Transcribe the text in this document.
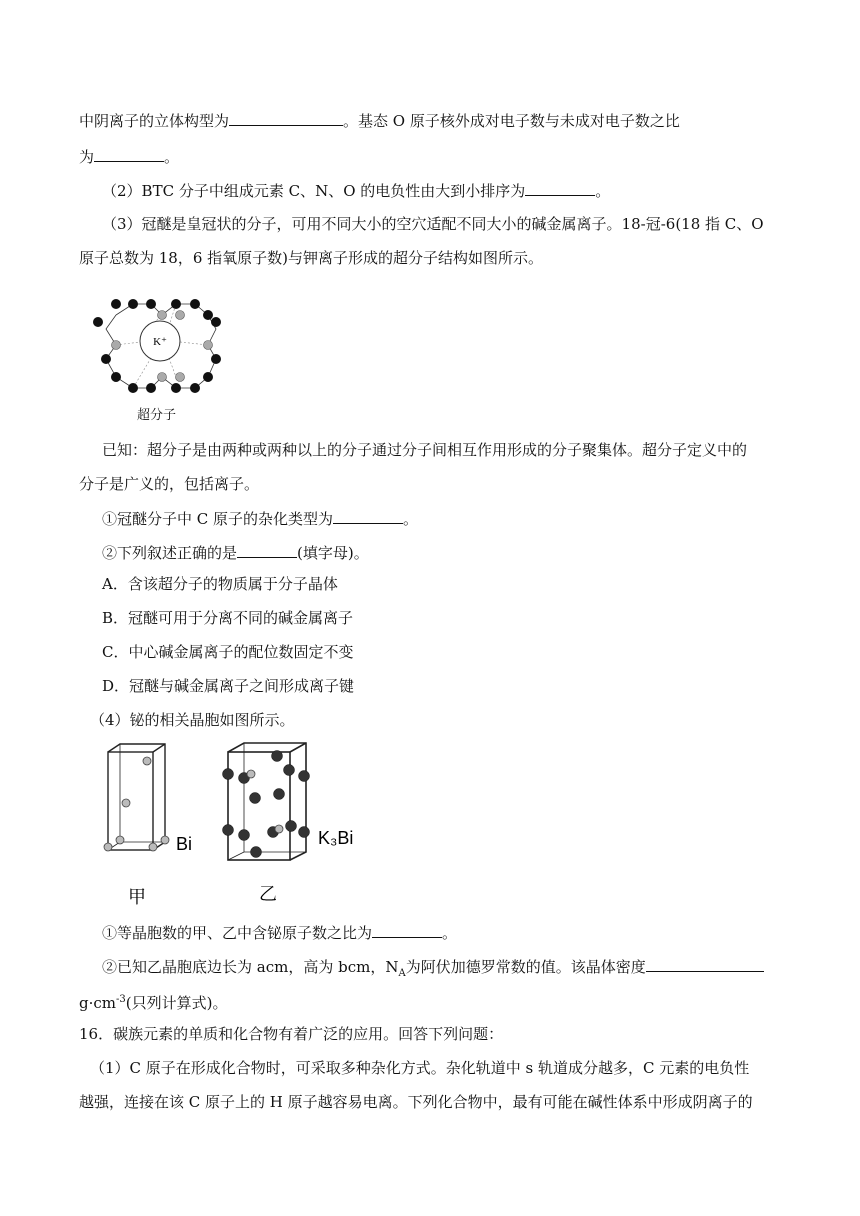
中阴离子的立体构型为	。基态 O 原子核外成对电子数与未成对电子数之比
为	。
（2）BTC 分子中组成元素 C、N、O 的电负性由大到小排序为	。
（3）冠醚是皇冠状的分子，可用不同大小的空穴适配不同大小的碱金属离子。18-冠-6(18 指 C、O
原子总数为 18，6 指氧原子数)与钾离子形成的超分子结构如图所示。
K⁺
超分子
已知：超分子是由两种或两种以上的分子通过分子间相互作用形成的分子聚集体。超分子定义中的
分子是广义的，包括离子。
①冠醚分子中 C 原子的杂化类型为	。
②下列叙述正确的是	(填字母)。
A．含该超分子的物质属于分子晶体
B．冠醚可用于分离不同的碱金属离子
C．中心碱金属离子的配位数固定不变
D．冠醚与碱金属离子之间形成离子键
（4）铋的相关晶胞如图所示。
Bi
甲
K₃Bi
乙
①等晶胞数的甲、乙中含铋原子数之比为	。
②已知乙晶胞底边长为 acm，高为 bcm，$N_A$为阿伏加德罗常数的值。该晶体密度
$g\cdot cm^{-3}$(只列计算式)。
16．碳族元素的单质和化合物有着广泛的应用。回答下列问题：
（1）C 原子在形成化合物时，可采取多种杂化方式。杂化轨道中 s 轨道成分越多，C 元素的电负性
越强，连接在该 C 原子上的 H 原子越容易电离。下列化合物中，最有可能在碱性体系中形成阴离子的
